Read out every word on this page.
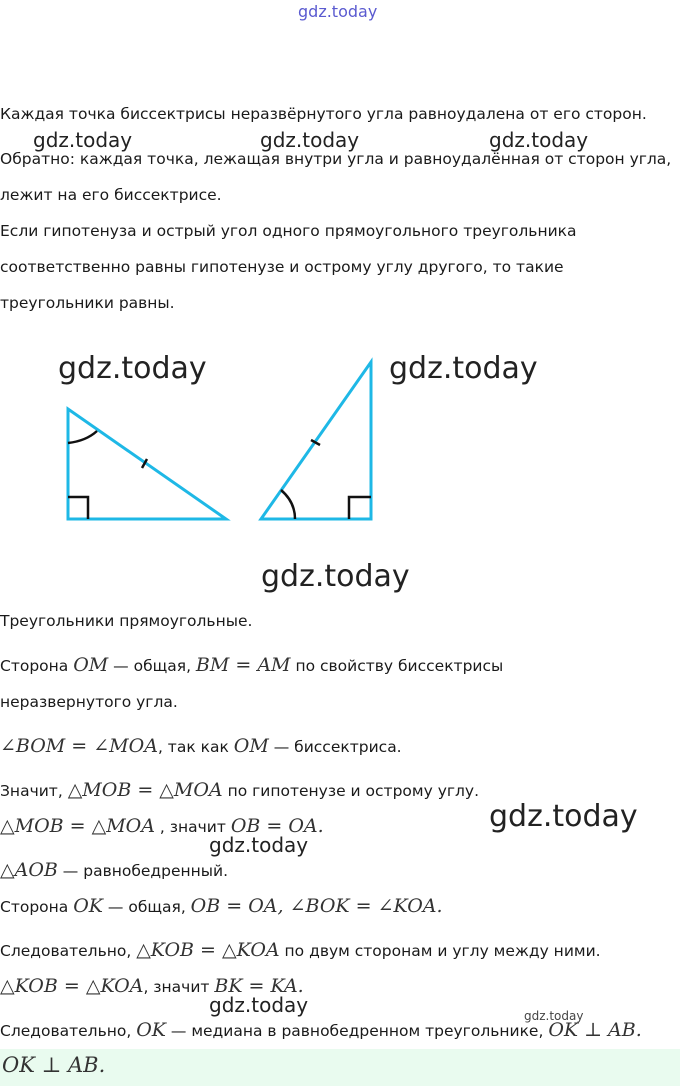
gdz.today
gdz.today	gdz.today	gdz.today
gdz.today	gdz.today
gdz.today
gdz.today
gdz.today
gdz.today	gdz.today
Каждая точка биссектрисы неразвёрнутого угла равноудалена от его сторон.
Обратно: каждая точка, лежащая внутри угла и равноудалённая от сторон угла,
лежит на его биссектрисе.
Если гипотенуза и острый угол одного прямоугольного треугольника
соответственно равны гипотенузе и острому углу другого, то такие
треугольники равны.
Треугольники прямоугольные.
Сторона OM — общая, BM = AM по свойству биссектрисы
неразвернутого угла.
∠BOM = ∠MOA, так как OM — биссектриса.
Значит, △MOB = △MOA по гипотенузе и острому углу.
△MOB = △MOA , значит OB = OA.
△AOB — равнобедренный.
Сторона OK — общая, OB = OA, ∠BOK = ∠KOA.
Следовательно, △KOB = △KOA по двум сторонам и углу между ними.
△KOB = △KOA, значит BK = KA.
Следовательно, OK — медиана в равнобедренном треугольнике, OK ⊥ AB.
OK ⊥ AB.
